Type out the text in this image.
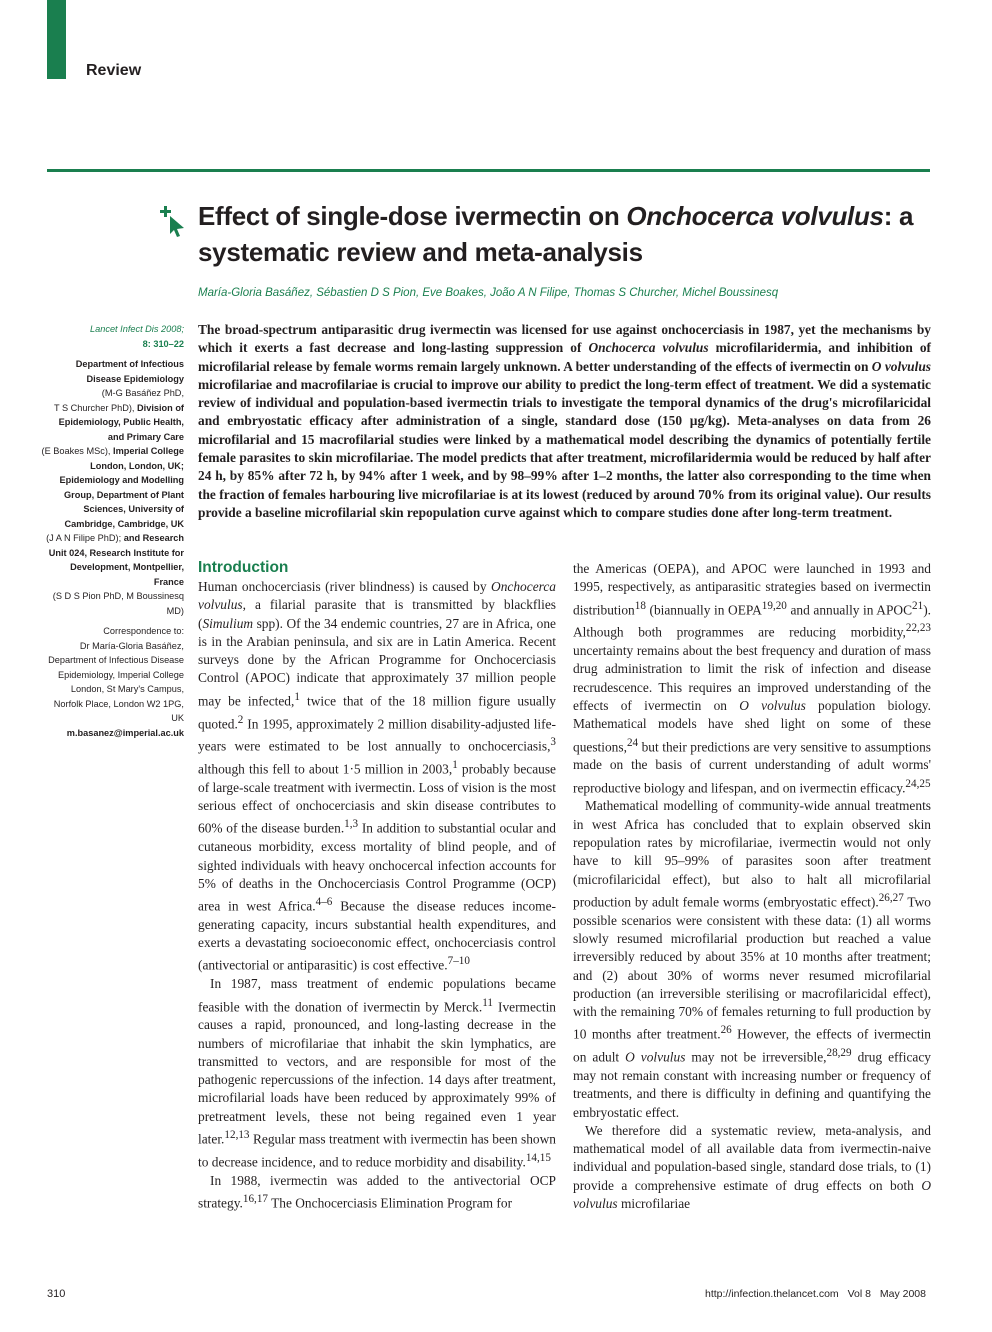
Review
Effect of single-dose ivermectin on Onchocerca volvulus: a systematic review and meta-analysis
María-Gloria Basáñez, Sébastien D S Pion, Eve Boakes, João A N Filipe, Thomas S Churcher, Michel Boussinesq

Lancet Infect Dis 2008;
8: 310–22

Department of Infectious Disease Epidemiology
(M-G Basáñez PhD,
T S Churcher PhD), Division of Epidemiology, Public Health, and Primary Care
(E Boakes MSc), Imperial College London, London, UK;
Epidemiology and Modelling Group, Department of Plant Sciences, University of Cambridge, Cambridge, UK
(J A N Filipe PhD); and Research Unit 024, Research Institute for Development, Montpellier, France
(S D S Pion PhD, M Boussinesq MD)

Correspondence to:
Dr María-Gloria Basáñez, Department of Infectious Disease Epidemiology, Imperial College London, St Mary's Campus, Norfolk Place, London W2 1PG, UK
m.basanez@imperial.ac.uk

The broad-spectrum antiparasitic drug ivermectin was licensed for use against onchocerciasis in 1987, yet the mechanisms by which it exerts a fast decrease and long-lasting suppression of Onchocerca volvulus microfilaridermia, and inhibition of microfilarial release by female worms remain largely unknown. A better understanding of the effects of ivermectin on O volvulus microfilariae and macrofilariae is crucial to improve our ability to predict the long-term effect of treatment. We did a systematic review of individual and population-based ivermectin trials to investigate the temporal dynamics of the drug's microfilaricidal and embryostatic efficacy after administration of a single, standard dose (150 µg/kg). Meta-analyses on data from 26 microfilarial and 15 macrofilarial studies were linked by a mathematical model describing the dynamics of potentially fertile female parasites to skin microfilariae. The model predicts that after treatment, microfilaridermia would be reduced by half after 24 h, by 85% after 72 h, by 94% after 1 week, and by 98–99% after 1–2 months, the latter also corresponding to the time when the fraction of females harbouring live microfilariae is at its lowest (reduced by around 70% from its original value). Our results provide a baseline microfilarial skin repopulation curve against which to compare studies done after long-term treatment.

Introduction

Human onchocerciasis (river blindness) is caused by Onchocerca volvulus, a filarial parasite that is transmitted by blackflies (Simulium spp). Of the 34 endemic countries, 27 are in Africa, one is in the Arabian peninsula, and six are in Latin America. Recent surveys done by the African Programme for Onchocerciasis Control (APOC) indicate that approximately 37 million people may be infected,$^1$ twice that of the 18 million figure usually quoted.$^2$ In 1995, approximately 2 million disability-adjusted life-years were estimated to be lost annually to onchocerciasis,$^3$ although this fell to about 1·5 million in 2003,$^1$ probably because of large-scale treatment with ivermectin. Loss of vision is the most serious effect of onchocerciasis and skin disease contributes to 60% of the disease burden.$^{1,3}$ In addition to substantial ocular and cutaneous morbidity, excess mortality of blind people, and of sighted individuals with heavy onchocercal infection accounts for 5% of deaths in the Onchocerciasis Control Programme (OCP) area in west Africa.$^{4-6}$ Because the disease reduces income-generating capacity, incurs substantial health expenditures, and exerts a devastating socioeconomic effect, onchocerciasis control (antivectorial or antiparasitic) is cost effective.$^{7-10}$

In 1987, mass treatment of endemic populations became feasible with the donation of ivermectin by Merck.$^{11}$ Ivermectin causes a rapid, pronounced, and long-lasting decrease in the numbers of microfilariae that inhabit the skin lymphatics, are transmitted to vectors, and are responsible for most of the pathogenic repercussions of the infection. 14 days after treatment, microfilarial loads have been reduced by approximately 99% of pretreatment levels, these not being regained even 1 year later.$^{12,13}$ Regular mass treatment with ivermectin has been shown to decrease incidence, and to reduce morbidity and disability.$^{14,15}$

In 1988, ivermectin was added to the antivectorial OCP strategy.$^{16,17}$ The Onchocerciasis Elimination Program for

the Americas (OEPA), and APOC were launched in 1993 and 1995, respectively, as antiparasitic strategies based on ivermectin distribution$^{18}$ (biannually in OEPA$^{19,20}$ and annually in APOC$^{21}$). Although both programmes are reducing morbidity,$^{22,23}$ uncertainty remains about the best frequency and duration of mass drug administration to limit the risk of infection and disease recrudescence. This requires an improved understanding of the effects of ivermectin on O volvulus population biology. Mathematical models have shed light on some of these questions,$^{24}$ but their predictions are very sensitive to assumptions made on the basis of current understanding of adult worms' reproductive biology and lifespan, and on ivermectin efficacy.$^{24,25}$

Mathematical modelling of community-wide annual treatments in west Africa has concluded that to explain observed skin repopulation rates by microfilariae, ivermectin would not only have to kill 95–99% of parasites soon after treatment (microfilaricidal effect), but also to halt all microfilarial production by adult female worms (embryostatic effect).$^{26,27}$ Two possible scenarios were consistent with these data: (1) all worms slowly resumed microfilarial production but reached a value irreversibly reduced by about 35% at 10 months after treatment; and (2) about 30% of worms never resumed microfilarial production (an irreversible sterilising or macrofilaricidal effect), with the remaining 70% of females returning to full production by 10 months after treatment.$^{26}$ However, the effects of ivermectin on adult O volvulus may not be irreversible,$^{28,29}$ drug efficacy may not remain constant with increasing number or frequency of treatments, and there is difficulty in defining and quantifying the embryostatic effect.

We therefore did a systematic review, meta-analysis, and mathematical model of all available data from ivermectin-naive individual and population-based single, standard dose trials, to (1) provide a comprehensive estimate of drug effects on both O volvulus microfilariae

310	http://infection.thelancet.com Vol 8 May 2008
